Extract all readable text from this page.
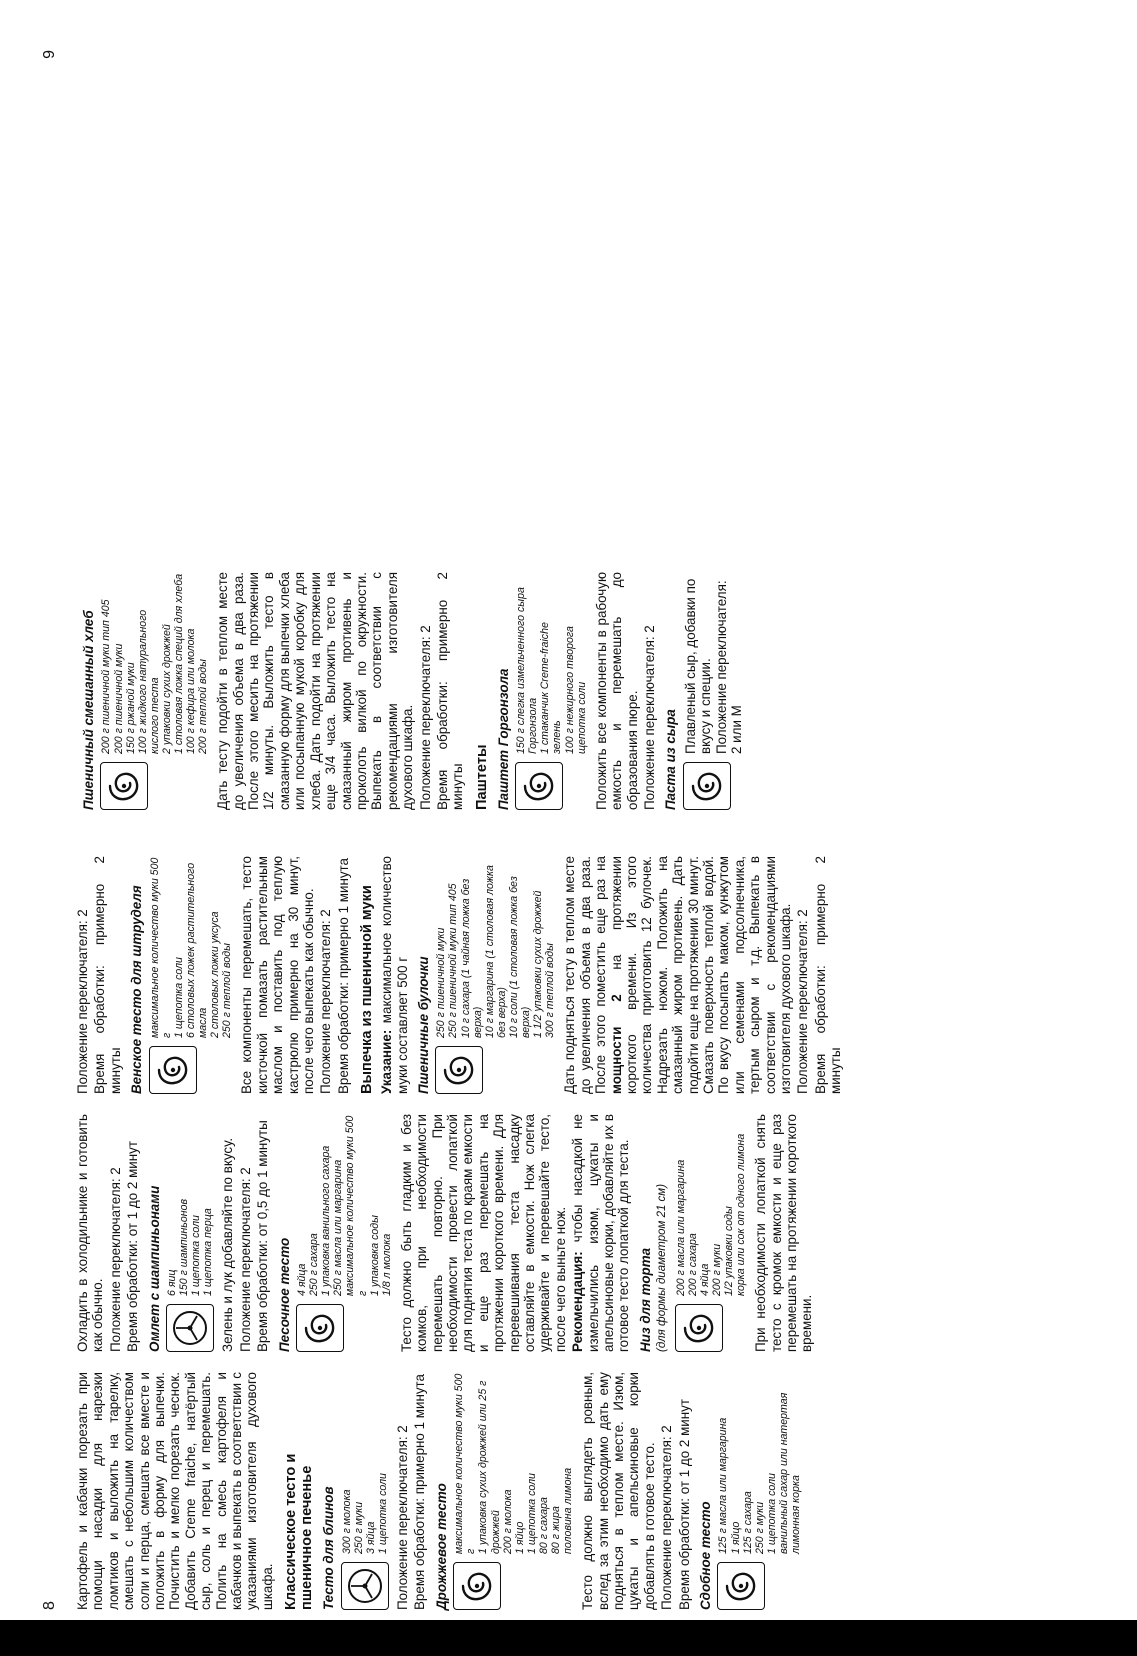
8 Картофель и кабачки порезать при помощи насадки для нарезки ломтиков и выложить на тарелку, смешать с небольшим количеством соли и перца, смешать все вместе и положить в форму для выпечки. Почистить и мелко порезать чеснок. Добавить Creme fraiche, натёртый сыр, соль и перец и перемешать. Полить на смесь картофеля и кабачков и выпекать в соответствии с указаниями изготовителя духового шкафа. Классическое тесто и пшеничное печенье Тесто для блинов 300 г молока 250 г муки 3 яйца 1 щепотка соли Положение переключателя: 2 Время обработки: примерно 1 минута Дрожжевое тесто максимальное количество муки 500 г 1 упаковка сухих дрожжей или 25 г дрожжей 200 г молока 1 яйцо 1 щепотка соли 80 г сахара 80 г жира половина лимона Тесто должно выглядеть ровным, вслед за этим необходимо дать ему подняться в теплом месте. Изюм, цукаты и апельсиновые корки добавлять в готовое тесто. Положение переключателя: 2 Время обработки: от 1 до 2 минут Сдобное тесто
125 г масла или маргарина 1 яйцо 125 г сахара 250 г муки 1 щепотка соли ванильный сахар или натертая лимонная корка

Охладить в холодильнике и готовить как обычно. Положение переключателя: 2 Время обработки: от 1 до 2 минут Омлет с шампиньонами 6 яиц 150 г шампиньонов 1 щепотка соли 1 щепотка перца Зелень и лук добавляйте по вкусу. Положение переключателя: 2 Время обработки: от 0,5 до 1 минуты Песочное тесто 4 яйца 250 г сахара 1 упаковка ванильного сахара 250 г масла или маргарина максимальное количество муки 500 г 1 упаковка соды 1/8 л молока Тесто должно быть гладким и без комков, при необходимости перемешать повторно. При необходимости провести лопаткой для поднятия теста по краям емкости и еще раз перемешать на протяжении короткого времени. Для перевешивания теста насадку оставляйте в емкости. Нож слегка удерживайте и перевешайте тесто, после чего выньте нож. Рекомендация: чтобы насадкой не измельчились изюм, цукаты и апельсиновые корки, добавляйте их в готовое тесто лопаткой для теста. Низ для торта (для формы диаметром 21 см) 200 г масла или маргарина 200 г сахара 4 яйца 200 г муки 1/2 упаковки соды корка или сок от одного лимона При необходимости лопаткой снять тесто с кромок емкости и еще раз перемешать на протяжении короткого времени.

Положение переключателя: 2 Время обработки: примерно 2 минуты Венское тесто для штруделя максимальное количество муки 500 г 1 щепотка соли 6 столовых ложек растительного масла 2 столовых ложки уксуса 250 г теплой воды Все компоненты перемешать, тесто кисточкой помазать растительным маслом и поставить под теплую кастрюлю примерно на 30 минут, после чего выпекать как обычно. Положение переключателя: 2 Время обработки: примерно 1 минута Выпечка из пшеничной муки Указание: максимальное количество муки составляет 500 г Пшеничные булочки 250 г пшеничной муки 250 г пшеничной муки тип 405 10 г сахара (1 чайная ложка без верха) 10 г маргарина (1 столовая ложка без верха) 10 г соли (1 столовая ложка без верха) 1 1/2 упаковки сухих дрожжей 300 г теплой воды Дать подняться тесту в теплом месте до увеличения объема в два раза. После этого поместить еще раз на мощности 2 на протяжении короткого времени. Из этого количества приготовить 12 булочек. Надрезать ножом. Положить на смазанный жиром противень. Дать подойти еще на протяжении 30 минут. Смазать поверхность теплой водой. По вкусу посыпать маком, кунжутом или семенами подсолнечника, тертым сыром и т.д. Выпекать в соответствии с рекомендациями изготовителя духового шкафа. Положение переключателя: 2 Время обработки: примерно 2 минуты

9
Пшеничный смешанный хлеб 200 г пшеничной муки тип 405 200 г пшеничной муки 150 г ржаной муки 100 г жидкого натурального кислого теста 2 упаковки сухих дрожжей 1 столовая ложка специй для хлеба 100 г кефира или молока 200 г теплой воды Дать тесту подойти в теплом месте до увеличения объема в два раза. После этого месить на протяжении 1/2 минуты. Выложить тесто в смазанную форму для выпечки хлеба или посыпанную мукой коробку для хлеба. Дать подойти на протяжении еще 3/4 часа. Выложить тесто на смазанный жиром противень и проколоть вилкой по окружности. Выпекать в соответствии с рекомендациями изготовителя духового шкафа. Положение переключателя: 2 Время обработки: примерно 2 минуты Паштеты Паштет Горгонзола 150 г слегка измельченного сыра Горгонзола 1 стаканчик Creme-fraiche зелень 100 г нежирного творога щепотка соли Положить все компоненты в рабочую емкость и перемешать до образования пюре. Положение переключателя: 2 Паста из сыра
Плавленый сыр, добавки по вкусу и специи. Положение переключателя: 2 или М
